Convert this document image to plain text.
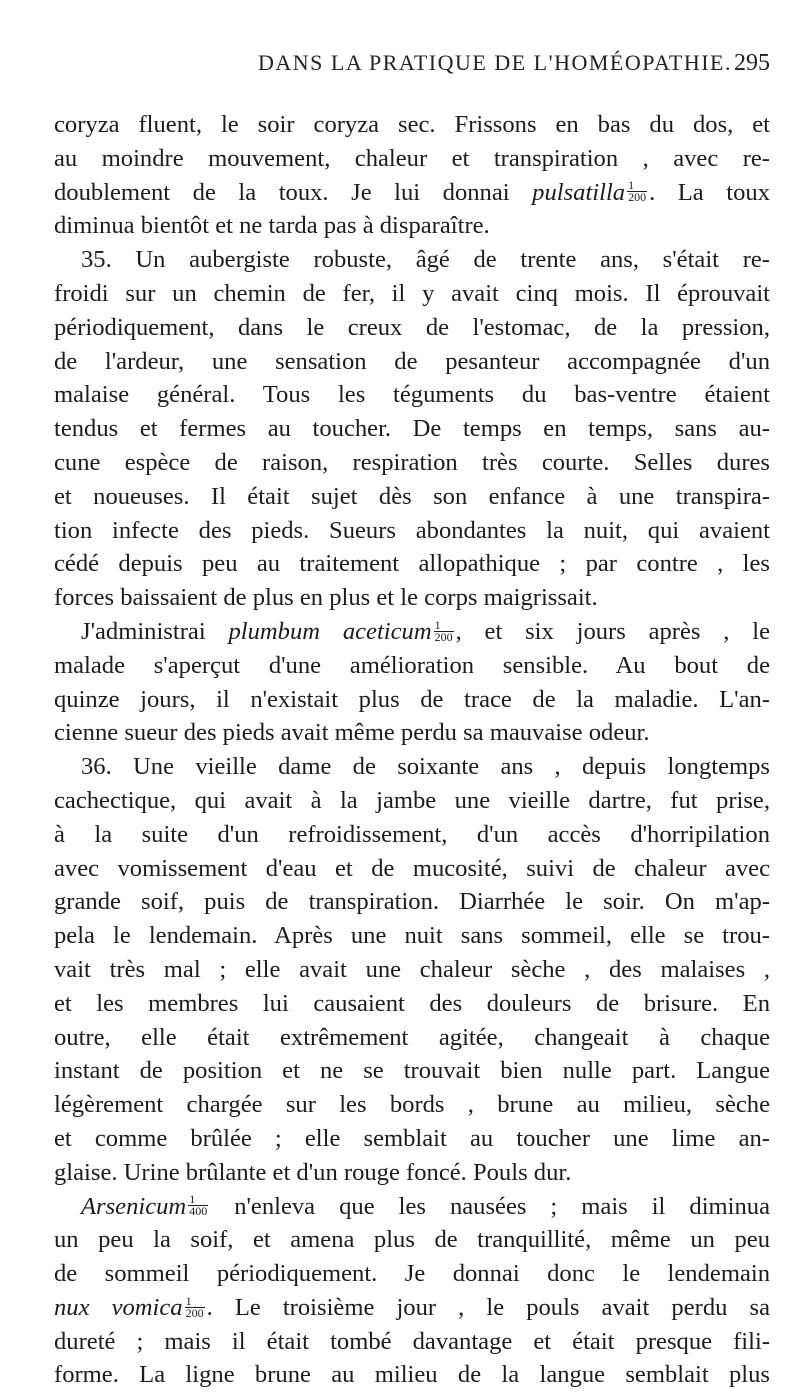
DANS LA PRATIQUE DE L'HOMÉOPATHIE. 295
coryza fluent, le soir coryza sec. Frissons en bas du dos, et
au moindre mouvement, chaleur et transpiration , avec re-
doublement de la toux. Je lui donnai pulsatilla $\frac{1}{200}$ . La toux
diminua bientôt et ne tarda pas à disparaître.
35. Un aubergiste robuste, âgé de trente ans, s'était re-
froidi sur un chemin de fer, il y avait cinq mois. Il éprouvait
périodiquement, dans le creux de l'estomac, de la pression,
de l'ardeur, une sensation de pesanteur accompagnée d'un
malaise général. Tous les téguments du bas-ventre étaient
tendus et fermes au toucher. De temps en temps, sans au-
cune espèce de raison, respiration très courte. Selles dures
et noueuses. Il était sujet dès son enfance à une transpira-
tion infecte des pieds. Sueurs abondantes la nuit, qui avaient
cédé depuis peu au traitement allopathique ; par contre , les
forces baissaient de plus en plus et le corps maigrissait.
J'administrai plumbum aceticum $\frac{1}{200}$ , et six jours après , le
malade s'aperçut d'une amélioration sensible. Au bout de
quinze jours, il n'existait plus de trace de la maladie. L'an-
cienne sueur des pieds avait même perdu sa mauvaise odeur.
36. Une vieille dame de soixante ans , depuis longtemps
cachectique, qui avait à la jambe une vieille dartre, fut prise,
à la suite d'un refroidissement, d'un accès d'horripilation
avec vomissement d'eau et de mucosité, suivi de chaleur avec
grande soif, puis de transpiration. Diarrhée le soir. On m'ap-
pela le lendemain. Après une nuit sans sommeil, elle se trou-
vait très mal ; elle avait une chaleur sèche , des malaises ,
et les membres lui causaient des douleurs de brisure. En
outre, elle était extrêmement agitée, changeait à chaque
instant de position et ne se trouvait bien nulle part. Langue
légèrement chargée sur les bords , brune au milieu, sèche
et comme brûlée ; elle semblait au toucher une lime an-
glaise. Urine brûlante et d'un rouge foncé. Pouls dur.
Arsenicum $\frac{1}{400}$ n'enleva que les nausées ; mais il diminua
un peu la soif, et amena plus de tranquillité, même un peu
de sommeil périodiquement. Je donnai donc le lendemain
nux vomica $\frac{1}{200}$ . Le troisième jour , le pouls avait perdu sa
dureté ; mais il était tombé davantage et était presque fili-
forme. La ligne brune au milieu de la langue semblait plus
